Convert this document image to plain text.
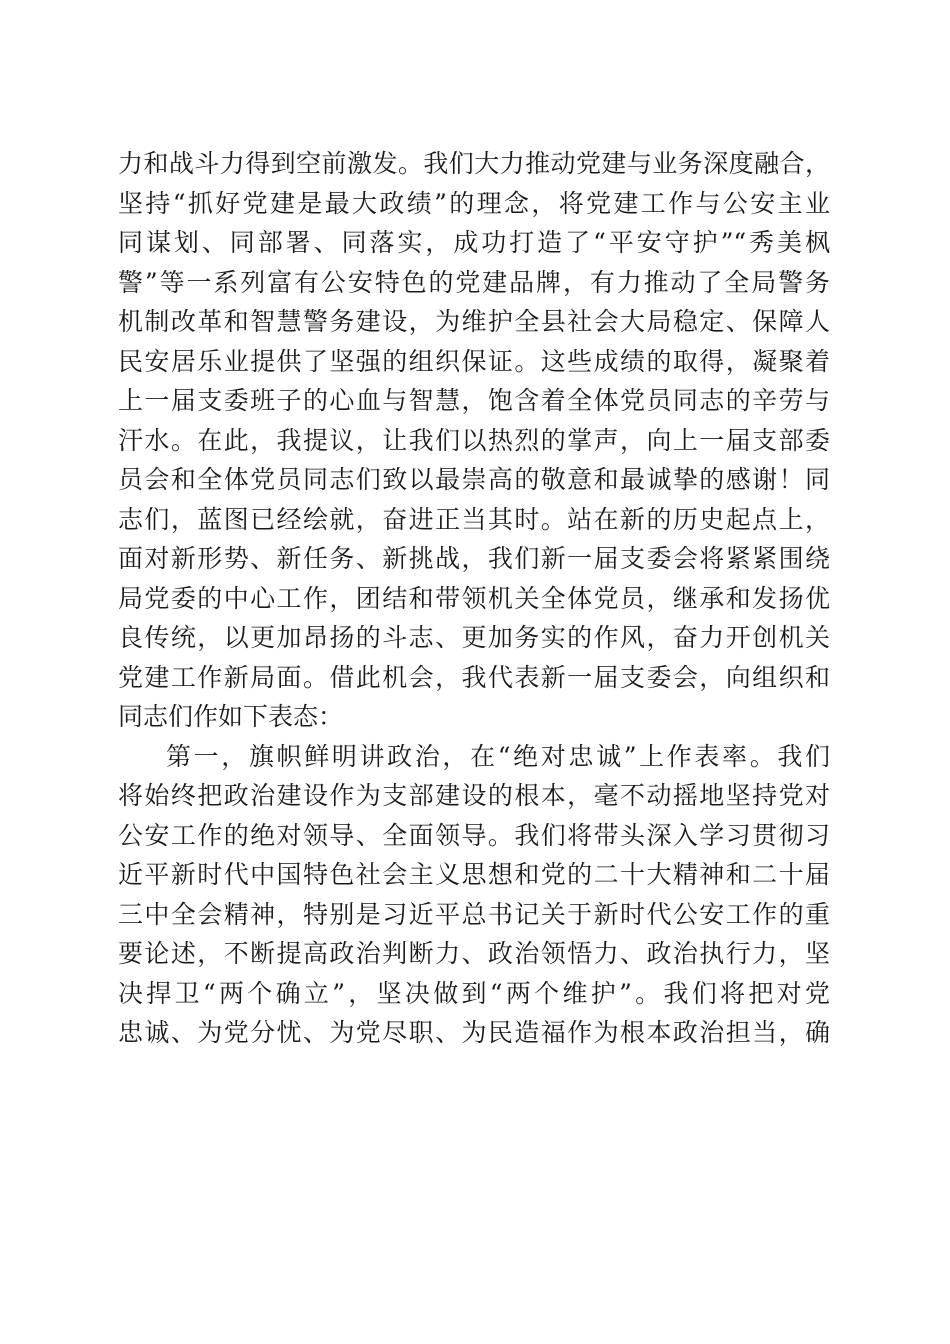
力和战斗力得到空前激发。我们大力推动党建与业务深度融合，
坚持“抓好党建是最大政绩”的理念，将党建工作与公安主业
同谋划、同部署、同落实，成功打造了“平安守护”“秀美枫
警”等一系列富有公安特色的党建品牌，有力推动了全局警务
机制改革和智慧警务建设，为维护全县社会大局稳定、保障人
民安居乐业提供了坚强的组织保证。这些成绩的取得，凝聚着
上一届支委班子的心血与智慧，饱含着全体党员同志的辛劳与
汗水。在此，我提议，让我们以热烈的掌声，向上一届支部委
员会和全体党员同志们致以最崇高的敬意和最诚挚的感谢！同
志们，蓝图已经绘就，奋进正当其时。站在新的历史起点上，
面对新形势、新任务、新挑战，我们新一届支委会将紧紧围绕
局党委的中心工作，团结和带领机关全体党员，继承和发扬优
良传统，以更加昂扬的斗志、更加务实的作风，奋力开创机关
党建工作新局面。借此机会，我代表新一届支委会，向组织和
同志们作如下表态：
第一，旗帜鲜明讲政治，在“绝对忠诚”上作表率。我们
将始终把政治建设作为支部建设的根本，毫不动摇地坚持党对
公安工作的绝对领导、全面领导。我们将带头深入学习贯彻习
近平新时代中国特色社会主义思想和党的二十大精神和二十届
三中全会精神，特别是习近平总书记关于新时代公安工作的重
要论述，不断提高政治判断力、政治领悟力、政治执行力，坚
决捍卫“两个确立”，坚决做到“两个维护”。我们将把对党
忠诚、为党分忧、为党尽职、为民造福作为根本政治担当，确
